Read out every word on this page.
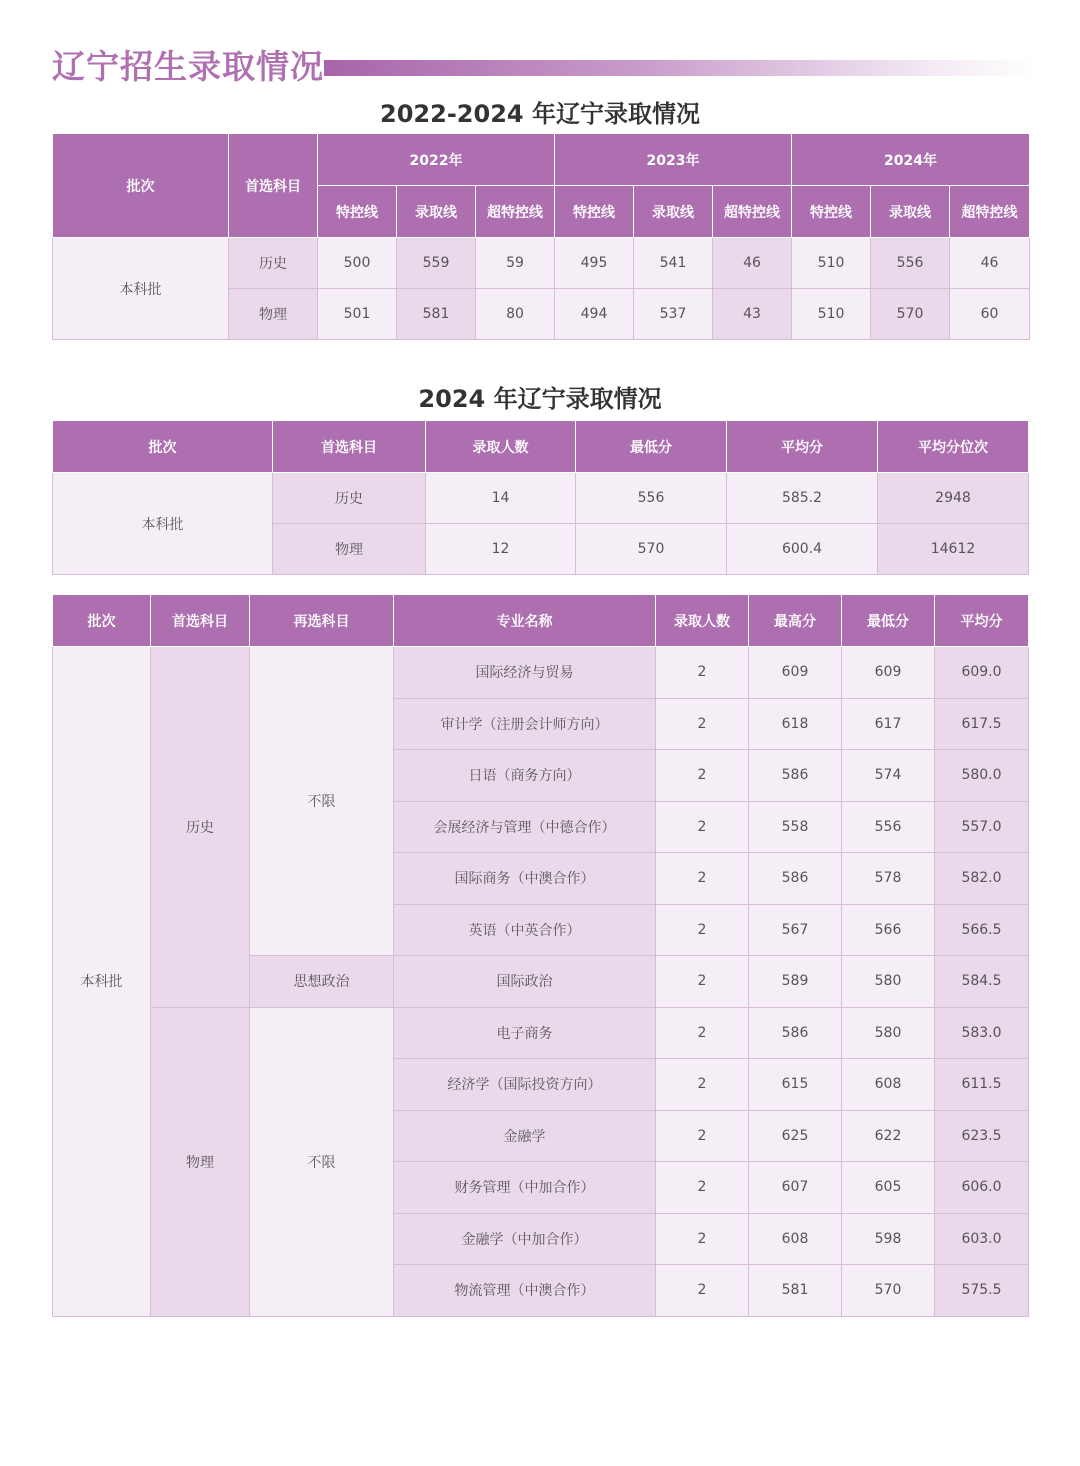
辽宁招生录取情况
2022-2024 年辽宁录取情况
批次	首选科目	2022年			2023年			2024年		
		特控线	录取线	超特控线	特控线	录取线	超特控线	特控线	录取线	超特控线
本科批	历史	500	559	59	495	541	46	510	556	46
	物理	501	581	80	494	537	43	510	570	60
2024 年辽宁录取情况
批次	首选科目	录取人数	最低分	平均分	平均分位次
本科批	历史	14	556	585.2	2948
	物理	12	570	600.4	14612
批次	首选科目	再选科目	专业名称	录取人数	最高分	最低分	平均分
本科批	历史	不限	国际经济与贸易	2	609	609	609.0
			审计学（注册会计师方向）	2	618	617	617.5
			日语（商务方向）	2	586	574	580.0
			会展经济与管理（中德合作）	2	558	556	557.0
			国际商务（中澳合作）	2	586	578	582.0
			英语（中英合作）	2	567	566	566.5
		思想政治	国际政治	2	589	580	584.5
	物理	不限	电子商务	2	586	580	583.0
			经济学（国际投资方向）	2	615	608	611.5
			金融学	2	625	622	623.5
			财务管理（中加合作）	2	607	605	606.0
			金融学（中加合作）	2	608	598	603.0
			物流管理（中澳合作）	2	581	570	575.5
